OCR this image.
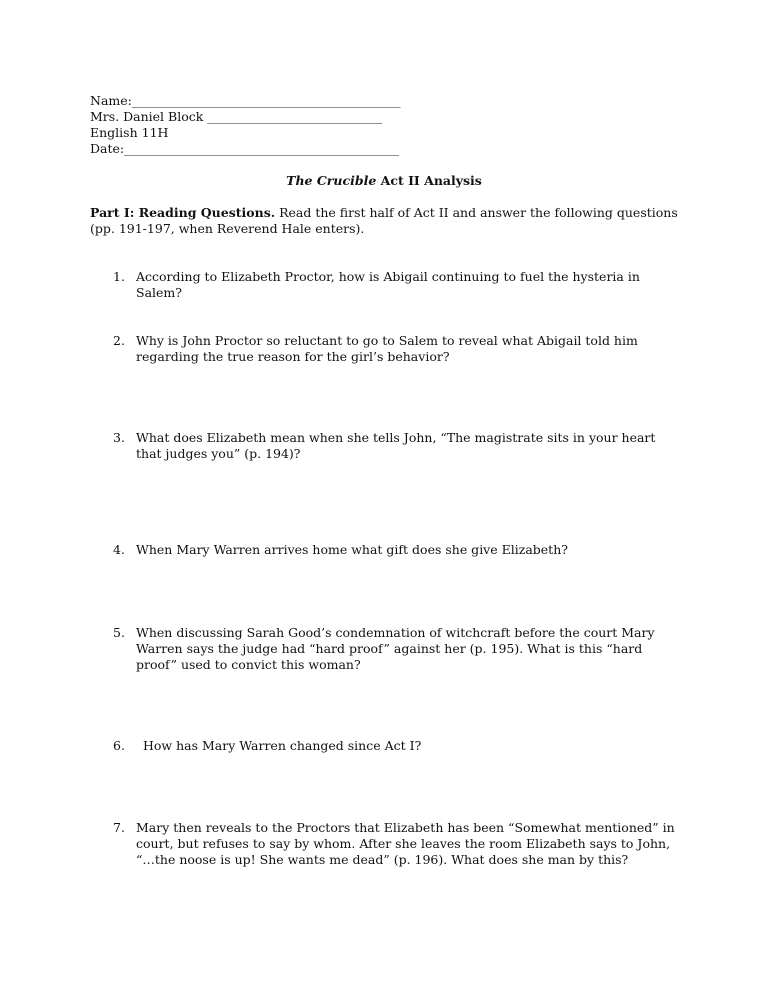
Name:___________________________________________
Mrs. Daniel Block ____________________________
English 11H
Date:____________________________________________
The Crucible Act II Analysis
Part I: Reading Questions. Read the first half of Act II and answer the following questions (pp. 191-197, when Reverend Hale enters).
1. According to Elizabeth Proctor, how is Abigail continuing to fuel the hysteria in Salem?
2. Why is John Proctor so reluctant to go to Salem to reveal what Abigail told him regarding the true reason for the girl’s behavior?
3. What does Elizabeth mean when she tells John, “The magistrate sits in your heart that judges you” (p. 194)?
4. When Mary Warren arrives home what gift does she give Elizabeth?
5. When discussing Sarah Good’s condemnation of witchcraft before the court Mary Warren says the judge had “hard proof” against her (p. 195). What is this “hard proof” used to convict this woman?
6. How has Mary Warren changed since Act I?
7. Mary then reveals to the Proctors that Elizabeth has been “Somewhat mentioned” in court, but refuses to say by whom. After she leaves the room Elizabeth says to John, “…the noose is up! She wants me dead” (p. 196). What does she man by this?
